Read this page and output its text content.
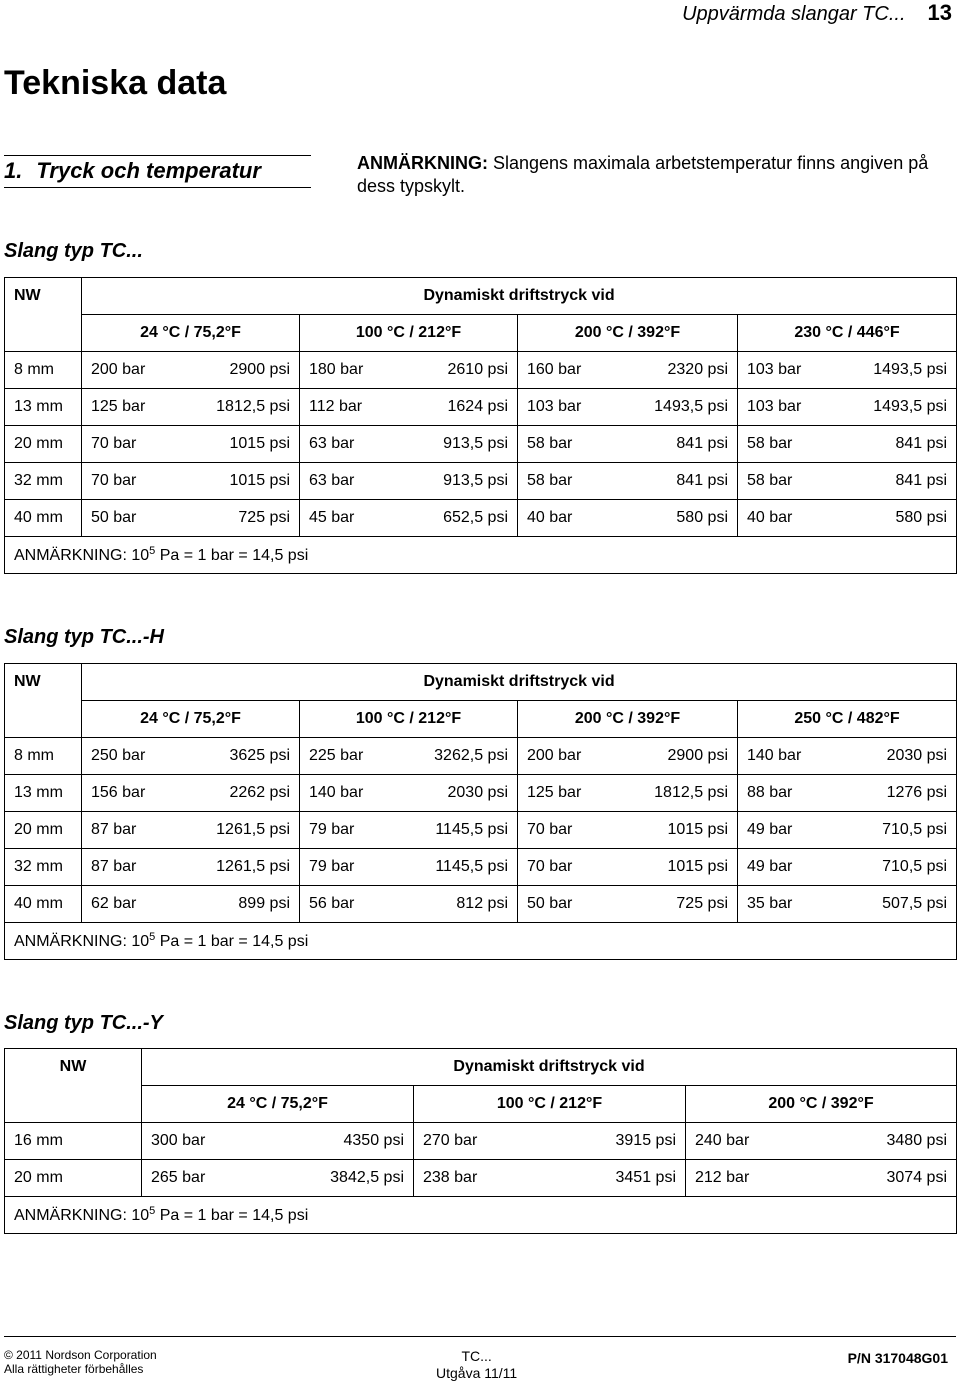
Uppvärmda slangar TC... 13
Tekniska data
1. Tryck och temperatur	ANMÄRKNING: Slangens maximala arbetstemperatur finns angiven på dess typskylt.
Slang typ TC...
NW	Dynamiskt driftstryck vid							
	24 °C / 75,2°F		100 °C / 212°F		200 °C / 392°F		230 °C / 446°F	
8 mm	200 bar	2900 psi	180 bar	2610 psi	160 bar	2320 psi	103 bar	1493,5 psi
13 mm	125 bar	1812,5 psi	112 bar	1624 psi	103 bar	1493,5 psi	103 bar	1493,5 psi
20 mm	70 bar	1015 psi	63 bar	913,5 psi	58 bar	841 psi	58 bar	841 psi
32 mm	70 bar	1015 psi	63 bar	913,5 psi	58 bar	841 psi	58 bar	841 psi
40 mm	50 bar	725 psi	45 bar	652,5 psi	40 bar	580 psi	40 bar	580 psi
ANMÄRKNING: $10^5$ Pa = 1 bar = 14,5 psi								
Slang typ TC...-H
NW	Dynamiskt driftstryck vid							
	24 °C / 75,2°F		100 °C / 212°F		200 °C / 392°F		250 °C / 482°F	
8 mm	250 bar	3625 psi	225 bar	3262,5 psi	200 bar	2900 psi	140 bar	2030 psi
13 mm	156 bar	2262 psi	140 bar	2030 psi	125 bar	1812,5 psi	88 bar	1276 psi
20 mm	87 bar	1261,5 psi	79 bar	1145,5 psi	70 bar	1015 psi	49 bar	710,5 psi
32 mm	87 bar	1261,5 psi	79 bar	1145,5 psi	70 bar	1015 psi	49 bar	710,5 psi
40 mm	62 bar	899 psi	56 bar	812 psi	50 bar	725 psi	35 bar	507,5 psi
ANMÄRKNING: $10^5$ Pa = 1 bar = 14,5 psi								
Slang typ TC...-Y
NW	Dynamiskt driftstryck vid					
	24 °C / 75,2°F		100 °C / 212°F		200 °C / 392°F	
16 mm	300 bar	4350 psi	270 bar	3915 psi	240 bar	3480 psi
20 mm	265 bar	3842,5 psi	238 bar	3451 psi	212 bar	3074 psi
ANMÄRKNING: $10^5$ Pa = 1 bar = 14,5 psi						
© 2011 Nordson Corporation
Alla rättigheter förbehålles
TC...
Utgåva 11/11
P/N 317048G01
